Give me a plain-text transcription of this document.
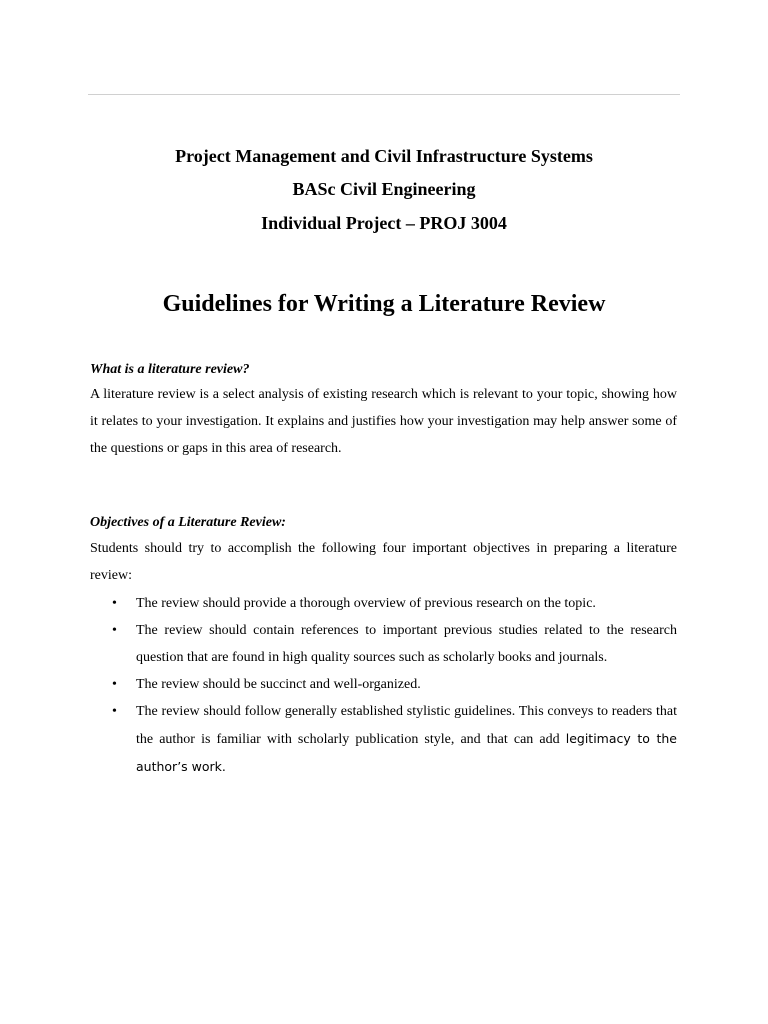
Project Management and Civil Infrastructure Systems
BASc Civil Engineering
Individual Project – PROJ 3004
Guidelines for Writing a Literature Review
What is a literature review?
A literature review is a select analysis of existing research which is relevant to your topic, showing how it relates to your investigation. It explains and justifies how your investigation may help answer some of the questions or gaps in this area of research.
Objectives of a Literature Review:
Students should try to accomplish the following four important objectives in preparing a literature review:
• The review should provide a thorough overview of previous research on the topic.
• The review should contain references to important previous studies related to the research question that are found in high quality sources such as scholarly books and journals.
• The review should be succinct and well-organized.
• The review should follow generally established stylistic guidelines. This conveys to readers that the author is familiar with scholarly publication style, and that can add legitimacy to the author’s work.
